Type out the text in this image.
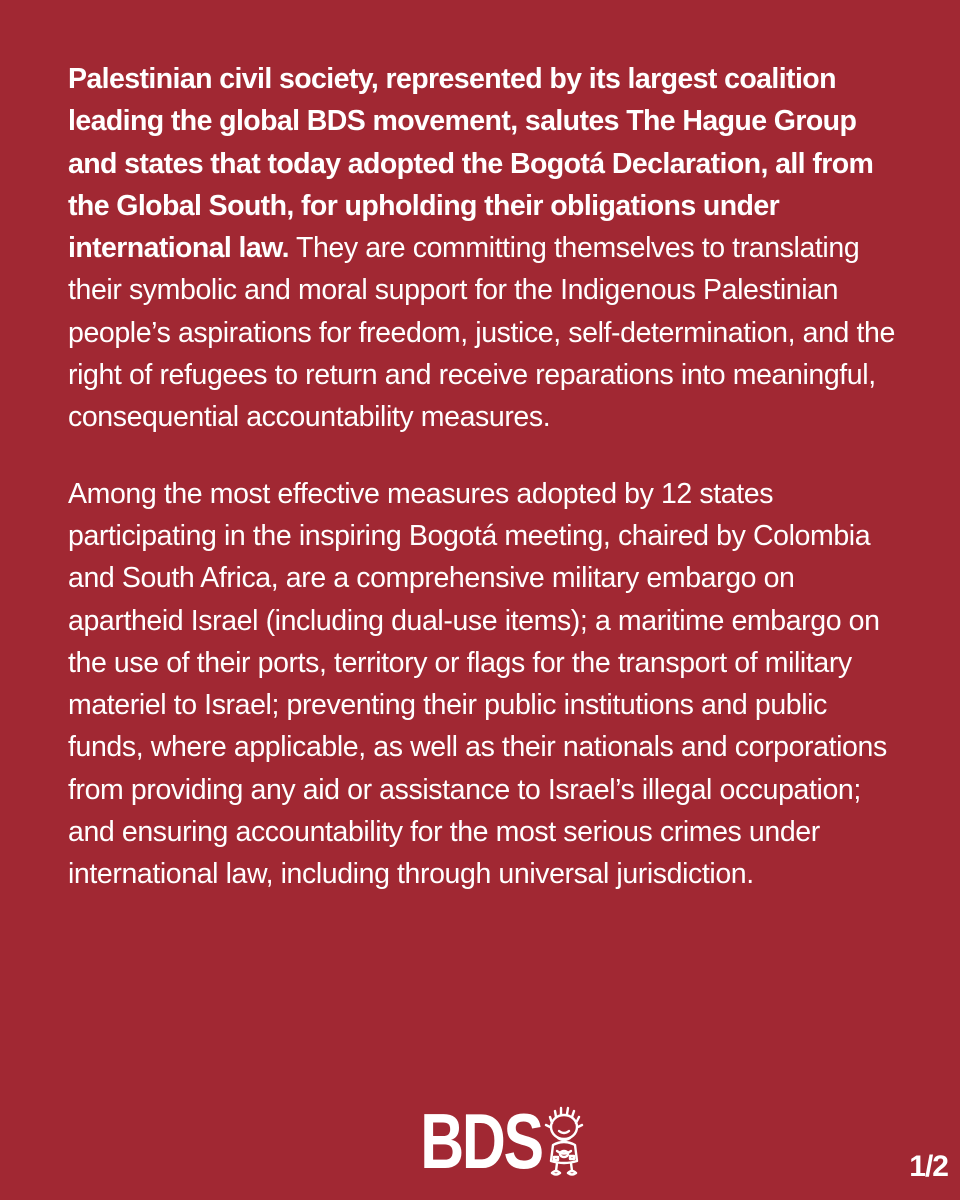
Palestinian civil society, represented by its largest coalition leading the global BDS movement, salutes The Hague Group and states that today adopted the Bogotá Declaration, all from the Global South, for upholding their obligations under international law. They are committing themselves to translating their symbolic and moral support for the Indigenous Palestinian people’s aspirations for freedom, justice, self-determination, and the right of refugees to return and receive reparations into meaningful, consequential accountability measures.

Among the most effective measures adopted by 12 states participating in the inspiring Bogotá meeting, chaired by Colombia and South Africa, are a comprehensive military embargo on apartheid Israel (including dual-use items); a maritime embargo on the use of their ports, territory or flags for the transport of military materiel to Israel; preventing their public institutions and public funds, where applicable, as well as their nationals and corporations from providing any aid or assistance to Israel’s illegal occupation; and ensuring accountability for the most serious crimes under international law, including through universal jurisdiction.

BDS	1/2
